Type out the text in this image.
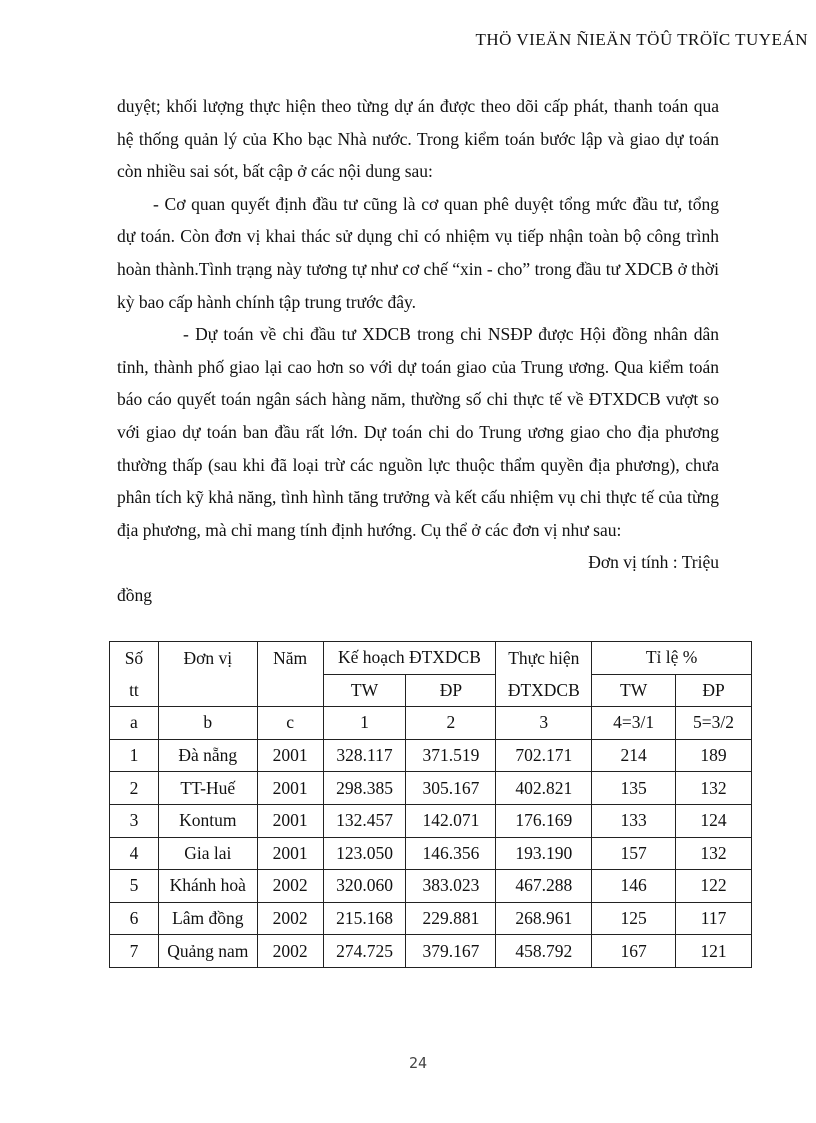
THÖ VIEÄN ÑIEÄN TÖÛ TRÖÏC TUYEÁN

duyệt; khối lượng thực hiện theo từng dự án được theo dõi cấp phát, thanh toán qua hệ thống quản lý của Kho bạc Nhà nước. Trong kiểm toán bước lập và giao dự toán còn nhiều sai sót, bất cập ở các nội dung sau:

- Cơ quan quyết định đầu tư cũng là cơ quan phê duyệt tổng mức đầu tư, tổng dự toán. Còn đơn vị khai thác sử dụng chỉ có nhiệm vụ tiếp nhận toàn bộ công trình hoàn thành.Tình trạng này tương tự như cơ chế “xin - cho” trong đầu tư XDCB ở thời kỳ bao cấp hành chính tập trung trước đây.

- Dự toán về chi đầu tư XDCB trong chi NSĐP được Hội đồng nhân dân tỉnh, thành phố giao lại cao hơn so với dự toán giao của Trung ương. Qua kiểm toán báo cáo quyết toán ngân sách hàng năm, thường số chi thực tế về ĐTXDCB vượt so với giao dự toán ban đầu rất lớn. Dự toán chi do Trung ương giao cho địa phương thường thấp (sau khi đã loại trừ các nguồn lực thuộc thẩm quyền địa phương), chưa phân tích kỹ khả năng, tình hình tăng trưởng và kết cấu nhiệm vụ chi thực tế của từng địa phương, mà chỉ mang tính định hướng. Cụ thể ở các đơn vị như sau:

Đơn vị tính : Triệu

đồng

Số	Đơn vị	Năm	Kế hoạch ĐTXDCB		Thực hiện	Tỉ lệ %	
tt			TW	ĐP	ĐTXDCB	TW	ĐP
a	b	c	1	2	3	4=3/1	5=3/2
1	Đà nẵng	2001	328.117	371.519	702.171	214	189
2	TT-Huế	2001	298.385	305.167	402.821	135	132
3	Kontum	2001	132.457	142.071	176.169	133	124
4	Gia lai	2001	123.050	146.356	193.190	157	132
5	Khánh hoà	2002	320.060	383.023	467.288	146	122
6	Lâm đồng	2002	215.168	229.881	268.961	125	117
7	Quảng nam	2002	274.725	379.167	458.792	167	121
24
